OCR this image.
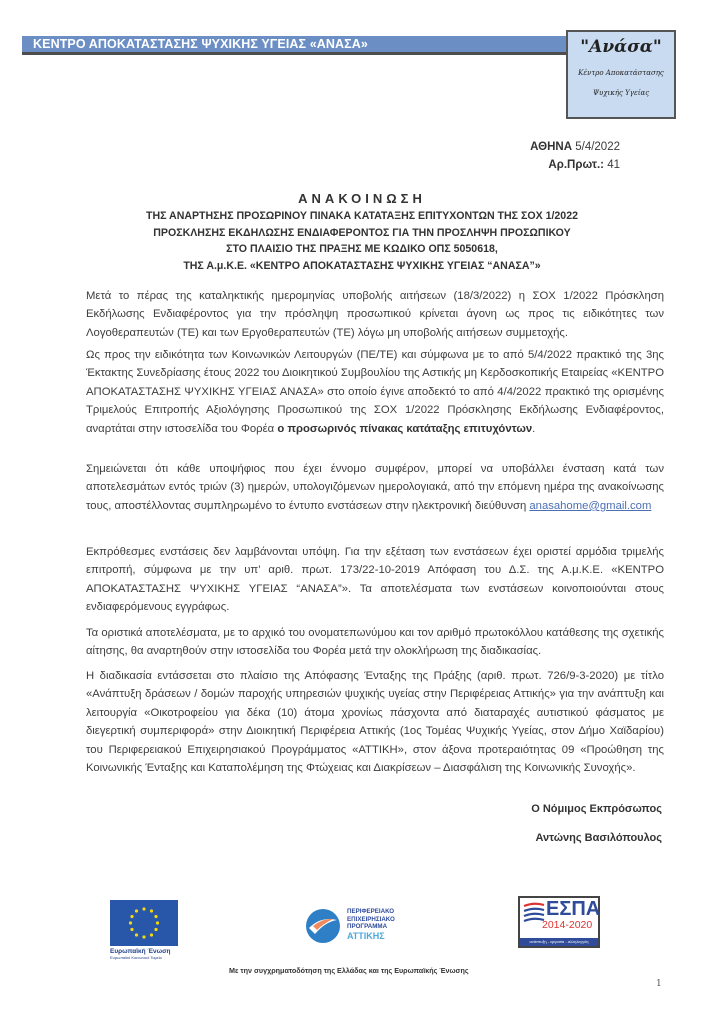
ΚΕΝΤΡΟ ΑΠΟΚΑΤΑΣΤΑΣΗΣ ΨΥΧΙΚΗΣ ΥΓΕΙΑΣ «ΑΝΑΣΑ»	"Ανάσα"
Κέντρο Αποκατάστασης
Ψυχικής Υγείας
ΑΘΗΝΑ 5/4/2022
Αρ.Πρωτ.: 41
ΑΝΑΚΟΙΝΩΣΗ
ΤΗΣ ΑΝΑΡΤΗΣΗΣ ΠΡΟΣΩΡΙΝΟΥ ΠΙΝΑΚΑ ΚΑΤΑΤΑΞΗΣ ΕΠΙΤΥΧΟΝΤΩΝ ΤΗΣ ΣΟΧ 1/2022
ΠΡΟΣΚΛΗΣΗΣ ΕΚΔΗΛΩΣΗΣ ΕΝΔΙΑΦΕΡΟΝΤΟΣ ΓΙΑ ΤΗΝ ΠΡΟΣΛΗΨΗ ΠΡΟΣΩΠΙΚΟΥ
ΣΤΟ ΠΛΑΙΣΙΟ ΤΗΣ ΠΡΑΞΗΣ ΜΕ ΚΩΔΙΚΟ ΟΠΣ 5050618,
ΤΗΣ Α.μ.Κ.Ε. «ΚΕΝΤΡΟ ΑΠΟΚΑΤΑΣΤΑΣΗΣ ΨΥΧΙΚΗΣ ΥΓΕΙΑΣ “ΑΝΑΣΑ”»
Μετά το πέρας της καταληκτικής ημερομηνίας υποβολής αιτήσεων (18/3/2022) η ΣΟΧ 1/2022 Πρόσκληση Εκδήλωσης Ενδιαφέροντος για την πρόσληψη προσωπικού κρίνεται άγονη ως προς τις ειδικότητες των Λογοθεραπευτών (ΤΕ) και των Εργοθεραπευτών (ΤΕ) λόγω μη υποβολής αιτήσεων συμμετοχής.
Ως προς την ειδικότητα των Κοινωνικών Λειτουργών (ΠΕ/ΤΕ) και σύμφωνα με το από 5/4/2022 πρακτικό της 3ης Έκτακτης Συνεδρίασης έτους 2022 του Διοικητικού Συμβουλίου της Αστικής μη Κερδοσκοπικής Εταιρείας «ΚΕΝΤΡΟ ΑΠΟΚΑΤΑΣΤΑΣΗΣ ΨΥΧΙΚΗΣ ΥΓΕΙΑΣ ΑΝΑΣΑ» στο οποίο έγινε αποδεκτό το από 4/4/2022 πρακτικό της ορισμένης Τριμελούς Επιτροπής Αξιολόγησης Προσωπικού της ΣΟΧ 1/2022 Πρόσκλησης Εκδήλωσης Ενδιαφέροντος, αναρτάται στην ιστοσελίδα του Φορέα ο προσωρινός πίνακας κατάταξης επιτυχόντων.
Σημειώνεται ότι κάθε υποψήφιος που έχει έννομο συμφέρον, μπορεί να υποβάλλει ένσταση κατά των αποτελεσμάτων εντός τριών (3) ημερών, υπολογιζόμενων ημερολογιακά, από την επόμενη ημέρα της ανακοίνωσης τους, αποστέλλοντας συμπληρωμένο το έντυπο ενστάσεων στην ηλεκτρονική διεύθυνση anasahome@gmail.com
Εκπρόθεσμες ενστάσεις δεν λαμβάνονται υπόψη. Για την εξέταση των ενστάσεων έχει οριστεί αρμόδια τριμελής επιτροπή, σύμφωνα με την υπ’ αριθ. πρωτ. 173/22-10-2019 Απόφαση του Δ.Σ. της Α.μ.Κ.Ε. «ΚΕΝΤΡΟ ΑΠΟΚΑΤΑΣΤΑΣΗΣ ΨΥΧΙΚΗΣ ΥΓΕΙΑΣ “ΑΝΑΣΑ”». Τα αποτελέσματα των ενστάσεων κοινοποιούνται στους ενδιαφερόμενους εγγράφως.
Τα οριστικά αποτελέσματα, με το αρχικό του ονοματεπωνύμου και τον αριθμό πρωτοκόλλου κατάθεσης της σχετικής αίτησης, θα αναρτηθούν στην ιστοσελίδα του Φορέα μετά την ολοκλήρωση της διαδικασίας.
Η διαδικασία εντάσσεται στο πλαίσιο της Απόφασης Ένταξης της Πράξης (αριθ. πρωτ. 726/9-3-2020) με τίτλο «Ανάπτυξη δράσεων / δομών παροχής υπηρεσιών ψυχικής υγείας στην Περιφέρειας Αττικής» για την ανάπτυξη και λειτουργία «Οικοτροφείου για δέκα (10) άτομα χρονίως πάσχοντα από διαταραχές αυτιστικού φάσματος με διεγερτική συμπεριφορά» στην Διοικητική Περιφέρεια Αττικής (1ος Τομέας Ψυχικής Υγείας, στον Δήμο Χαϊδαρίου) του Περιφερειακού Επιχειρησιακού Προγράμματος «ΑΤΤΙΚΗ», στον άξονα προτεραιότητας 09 «Προώθηση της Κοινωνικής Ένταξης και Καταπολέμηση της Φτώχειας και Διακρίσεων – Διασφάλιση της Κοινωνικής Συνοχής».
Ο Νόμιμος Εκπρόσωπος
Αντώνης Βασιλόπουλος
Ευρωπαϊκή Ένωση
Ευρωπαϊκό Κοινωνικό Ταμείο
ΠΕΡΙΦΕΡΕΙΑΚΟ
ΕΠΙΧΕΙΡΗΣΙΑΚΟ
ΠΡΟΓΡΑΜΜΑ
ΑΤΤΙΚΗΣ
ΕΣΠΑ
2014-2020
ανάπτυξη - εργασία - αλληλεγγύη
Με την συγχρηματοδότηση της Ελλάδας και της Ευρωπαϊκής Ένωσης
1
